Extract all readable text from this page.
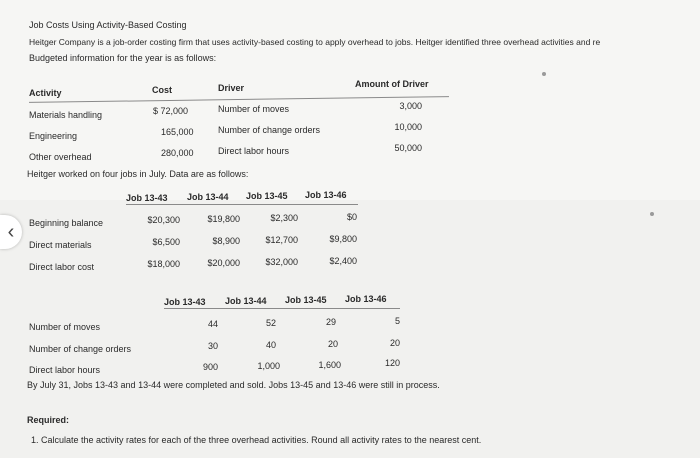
Job Costs Using Activity-Based Costing
Heitger Company is a job-order costing firm that uses activity-based costing to apply overhead to jobs. Heitger identified three overhead activities and re
Budgeted information for the year is as follows:
Activity	Cost	Driver	Amount of Driver
Materials handling	$ 72,000	Number of moves	3,000
Engineering	165,000	Number of change orders	10,000
Other overhead	280,000	Direct labor hours	50,000
Heitger worked on four jobs in July. Data are as follows:
Job 13-43 Job 13-44 Job 13-45 Job 13-46
Beginning balance	$20,300	$19,800	$2,300	$0
Direct materials	$6,500	$8,900	$12,700	$9,800
Direct labor cost	$18,000	$20,000	$32,000	$2,400
Job 13-43 Job 13-44 Job 13-45 Job 13-46
Number of moves	44	52	29	5
Number of change orders	30	40	20	20
Direct labor hours	900	1,000	1,600	120
By July 31, Jobs 13-43 and 13-44 were completed and sold. Jobs 13-45 and 13-46 were still in process.
Required:
1. Calculate the activity rates for each of the three overhead activities. Round all activity rates to the nearest cent.
‹
